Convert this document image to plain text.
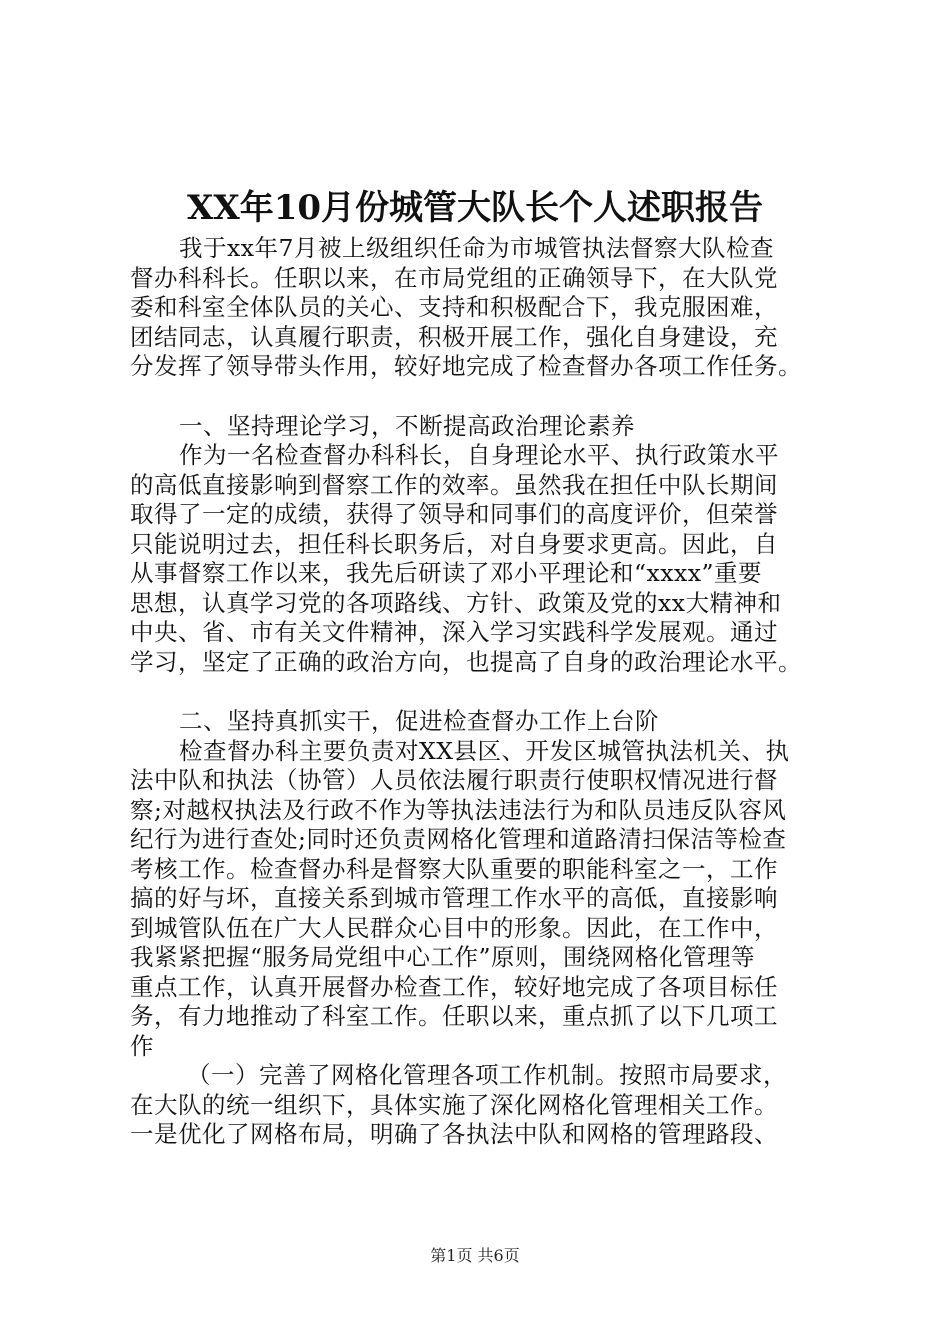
XX年10月份城管大队长个人述职报告
我于xx年7月被上级组织任命为市城管执法督察大队检查
督办科科长。任职以来，在市局党组的正确领导下，在大队党
委和科室全体队员的关心、支持和积极配合下，我克服困难，
团结同志，认真履行职责，积极开展工作，强化自身建设，充
分发挥了领导带头作用，较好地完成了检查督办各项工作任务。
一、坚持理论学习，不断提高政治理论素养
作为一名检查督办科科长，自身理论水平、执行政策水平
的高低直接影响到督察工作的效率。虽然我在担任中队长期间
取得了一定的成绩，获得了领导和同事们的高度评价，但荣誉
只能说明过去，担任科长职务后，对自身要求更高。因此，自
从事督察工作以来，我先后研读了邓小平理论和“xxxx”重要
思想，认真学习党的各项路线、方针、政策及党的xx大精神和
中央、省、市有关文件精神，深入学习实践科学发展观。通过
学习，坚定了正确的政治方向，也提高了自身的政治理论水平。
二、坚持真抓实干，促进检查督办工作上台阶
检查督办科主要负责对XX县区、开发区城管执法机关、执
法中队和执法（协管）人员依法履行职责行使职权情况进行督
察;对越权执法及行政不作为等执法违法行为和队员违反队容风
纪行为进行查处;同时还负责网格化管理和道路清扫保洁等检查
考核工作。检查督办科是督察大队重要的职能科室之一，工作
搞的好与坏，直接关系到城市管理工作水平的高低，直接影响
到城管队伍在广大人民群众心目中的形象。因此，在工作中，
我紧紧把握“服务局党组中心工作”原则，围绕网格化管理等
重点工作，认真开展督办检查工作，较好地完成了各项目标任
务，有力地推动了科室工作。任职以来，重点抓了以下几项工
作
（一）完善了网格化管理各项工作机制。按照市局要求，
在大队的统一组织下，具体实施了深化网格化管理相关工作。
一是优化了网格布局，明确了各执法中队和网格的管理路段、
第1页 共6页
